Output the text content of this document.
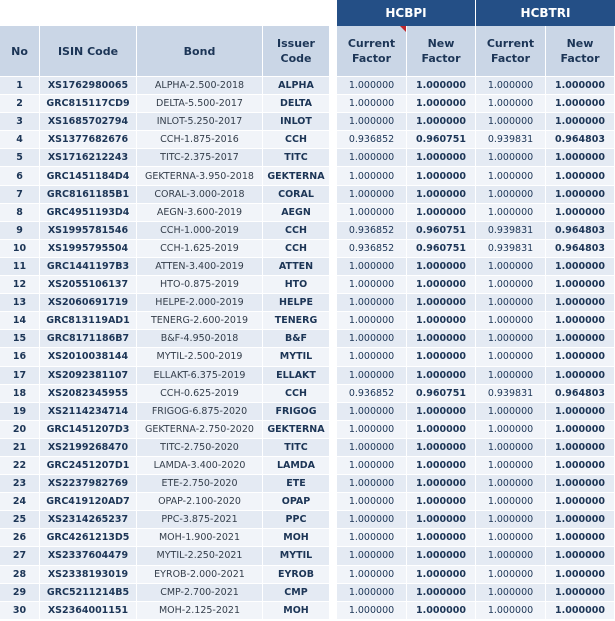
					HCBPI		HCBTRI	
No	ISIN Code	Bond	Issuer Code		Current Factor	New Factor	Current Factor	New Factor
1	XS1762980065	ALPHA-2.500-2018	ALPHA		1.000000	1.000000	1.000000	1.000000
2	GRC815117CD9	DELTA-5.500-2017	DELTA		1.000000	1.000000	1.000000	1.000000
3	XS1685702794	INLOT-5.250-2017	INLOT		1.000000	1.000000	1.000000	1.000000
4	XS1377682676	CCH-1.875-2016	CCH		0.936852	0.960751	0.939831	0.964803
5	XS1716212243	TITC-2.375-2017	TITC		1.000000	1.000000	1.000000	1.000000
6	GRC1451184D4	GEKTERNA-3.950-2018	GEKTERNA		1.000000	1.000000	1.000000	1.000000
7	GRC8161185B1	CORAL-3.000-2018	CORAL		1.000000	1.000000	1.000000	1.000000
8	GRC4951193D4	AEGN-3.600-2019	AEGN		1.000000	1.000000	1.000000	1.000000
9	XS1995781546	CCH-1.000-2019	CCH		0.936852	0.960751	0.939831	0.964803
10	XS1995795504	CCH-1.625-2019	CCH		0.936852	0.960751	0.939831	0.964803
11	GRC1441197B3	ATTEN-3.400-2019	ATTEN		1.000000	1.000000	1.000000	1.000000
12	XS2055106137	HTO-0.875-2019	HTO		1.000000	1.000000	1.000000	1.000000
13	XS2060691719	HELPE-2.000-2019	HELPE		1.000000	1.000000	1.000000	1.000000
14	GRC813119AD1	TENERG-2.600-2019	TENERG		1.000000	1.000000	1.000000	1.000000
15	GRC8171186B7	B&F-4.950-2018	B&F		1.000000	1.000000	1.000000	1.000000
16	XS2010038144	MYTIL-2.500-2019	MYTIL		1.000000	1.000000	1.000000	1.000000
17	XS2092381107	ELLAKT-6.375-2019	ELLAKT		1.000000	1.000000	1.000000	1.000000
18	XS2082345955	CCH-0.625-2019	CCH		0.936852	0.960751	0.939831	0.964803
19	XS2114234714	FRIGOG-6.875-2020	FRIGOG		1.000000	1.000000	1.000000	1.000000
20	GRC1451207D3	GEKTERNA-2.750-2020	GEKTERNA		1.000000	1.000000	1.000000	1.000000
21	XS2199268470	TITC-2.750-2020	TITC		1.000000	1.000000	1.000000	1.000000
22	GRC2451207D1	LAMDA-3.400-2020	LAMDA		1.000000	1.000000	1.000000	1.000000
23	XS2237982769	ETE-2.750-2020	ETE		1.000000	1.000000	1.000000	1.000000
24	GRC419120AD7	OPAP-2.100-2020	OPAP		1.000000	1.000000	1.000000	1.000000
25	XS2314265237	PPC-3.875-2021	PPC		1.000000	1.000000	1.000000	1.000000
26	GRC4261213D5	MOH-1.900-2021	MOH		1.000000	1.000000	1.000000	1.000000
27	XS2337604479	MYTIL-2.250-2021	MYTIL		1.000000	1.000000	1.000000	1.000000
28	XS2338193019	EYROB-2.000-2021	EYROB		1.000000	1.000000	1.000000	1.000000
29	GRC5211214B5	CMP-2.700-2021	CMP		1.000000	1.000000	1.000000	1.000000
30	XS2364001151	MOH-2.125-2021	MOH		1.000000	1.000000	1.000000	1.000000
